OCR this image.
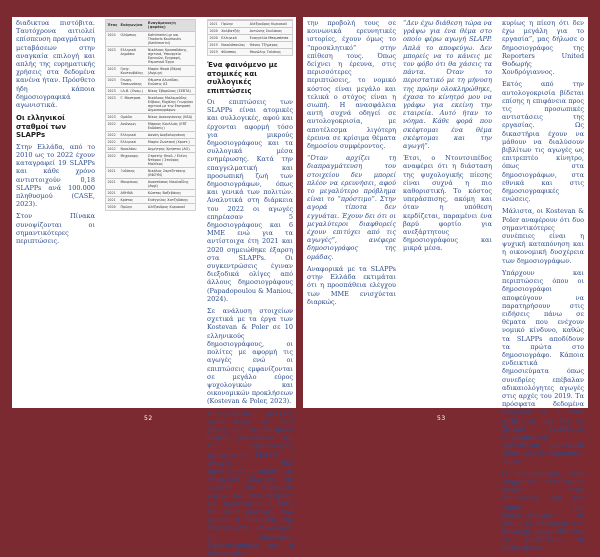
ΠΛΕΥΡΙΚΟΣ ΚΟΡΩΝΟΣ	ΠΛΕΥΡΙΚΟΣ ΚΟΡΩΝΟΣ

διαδικτυα πιστόβιτα. Ταυτόχρονα αιτιολεί επίσπευση πραγμάτωση μεταβάσεων στην αναγκαία επιλογή και απλής της ευρηματικής χρήσεις στα δεδομένα κανένα ήταν. Πρόσθετο ήδη κάποια δημοσιογραφικά αγωνιστικά.

Οι ελληνικοί σταθμοί των SLAPPs

Στην Ελλάδα, από το 2010 ως το 2022 έχουν καταγραφεί 19 SLAPPs και κάθε χρόνο αντιστοιχούν 0,18 SLAPPs ανά 100.000 πληθυσμού (CASE, 2023).

Στον Πίνακα συνοψίζονται οι σημαντικότερες περιπτώσεις.

Έτος	Ενάγων/σα	Εναγόμενος/η (φορέας)
2024	Ολύμπιος	Kathimerini.gr και Thodoris Kourkoulis (Kathimerini)
2023	Ελληνικό Δημόσιο	Νικόλαος Κρασαδάκης, σχετικά, Υπουργείο Ερευνών, Εγγραφή, Θεματικό Έργο
2023	Γρηγ. Κουτουβάλης	Μαρία Ψαρά (Βέρα) (Avgi.gr)
2023	Γεωργ. Τσακωνάκης	Θέματα Αλυσίδας. Ενώσεις ΑΣ
2023	Ι.Α.Β. (Ονομ.)	Νίκος Σβορώνος (ΣΕΒΤΑ)
2023	Γ. Μαστροπ.	Νικόλαος Μαλαμούδης Εύβοια, Μιχάλης Γεωργίου σχετικά με την Επιτροπή Δημοσιογράφων
2023	Ομάδα	Νίκος Διακογιάννης (ΚΕΔ)
2022	Ανώνυμη	Μάρκος Κουλλιάς (ERT Εκδόσεις)
2022	Ελληνικό	Δανάη Διαβολογιάννη
2022	Ελληνικό	Μαρία Ζωντανή (Χριστ.)
2022	Νικολάου	Δημήτρης Χρήστου (ΑΟ)
2022	Μηχανοργ.	Στρατής Θεοδ. / Ελένη Ντάρου / Σταύρος Μαλέκος
2021	Ξυδάκης	Νικόλας Σαρτζετάκης (ΕΦΣΥΝ)
2021	Μαυρίκιος	Αναστάσιος Νικολαΐδης (Avgi)
2021	ΑΘΗΝΑ	Κώστας Βαξεβάνης
2021	Κράτος	Ευάγγελος Χατζηδάκης
2020	Πρώην	Αλέξανδρος Κυριακού
2021	Πρώην	Αλέξανδρος Κυριακού
2020	Χαλβατζής	Αντώνης Σκυλάκος
2020	Ελληνικό	Ευαγγελία Μπαμπάτσα
2019	Νικολόπουλος	Θάνος Τζήμερος
2019	Φίλιππος	Μανώλης Γαλάνης
Ένα φαινόμενο με ατομικές και συλλογικές επιπτώσεις

Οι επιπτώσεις των SLAPPs είναι ατομικές και συλλογικές, αφού και έρχονται αφορμή τόσο για μικρούς δημοσιογράφους και τα συλλογικά μέσα ενημέρωσης. Κατά την επαγγελματική και προσωπική ζωή των δημοσιογράφων, όπως και γενικά των πολιτών. Αναλυτικά στη διάρκεια του 2022 οι αγωγές επηρέασαν 5 δημοσιογράφους και 6 ΜΜΕ ενώ για τα αντίστοιχα έτη 2021 και 2020 σημειώθηκε έξαρση στα SLAPPs. Οι συγκεντρώσεις έγιναν διεξοδικά ολίγες από άλλους δημοσιογράφους (Papadopoulou & Maniou, 2024).

Σε ανάλυση στοιχείων σχετικά με τα έργα των Kostevan & Poler σε 10 ελληνικούς δημοσιογράφους, οι πολίτες με αφορμή τις αγωγές ενώ οι επιπτώσεις εμφανίζονται σε μεγάλο εύρος ψυχολογικών και οικονομικών προκλήσεων (Kostevan & Poler, 2023).

Προηγούμενες μελέτες έχουν δείξει ότι στις χώρες με περιορισμένο βιασμό συστήματα και τις περισσότερες περιπτώσεις SLAPPs οι αγωγές δεν προστατεύουν απλώς τον ελεγκτικό αλλά και την τεχνική του δημόσιου λόγου. Και στα θεσμικά της προστασίας SLAPPs του κάθε κράτους, ενώ γενικά η πολιτική της τεκμηρίωσης καλλιεργεί την οικονομία δημοσιογράφων και τη λογοκρισία.

52

την προβολή τους σε κοινωνικά ερευνητικές ιστορίες, έχουν όμως το “προσκλητικό” στην επίθεση τους. Όπως δείχνει η έρευνα, στις περισσότερες περιπτώσεις, το νομικό κόστος είναι μεγάλο και τελικά ο στόχος είναι η σιωπή. Η ανασφάλεια αυτή συχνά οδηγεί σε αυτολογοκρισία, με αποτέλεσμα λιγότερη έρευνα σε κρίσιμα θέματα δημοσίου συμφέροντος.

“Όταν αρχίζει τη διαπραγμάτευση του στοιχείου δεν μπορεί πλέον να ερευνήσει, αφού το μεγαλύτερο πρόβλημα είναι το “πρόστιμο”. Στην αγορά τίποτα δεν εγγυάται. Έχουν δει ότι οι μεγαλύτεροι διαφθορείς έχουν επιτύχει από τις αγωγές”, ανέφερε δημοσιογράφος της ομάδας.

Αναφορικά με τα SLAPPs στην Ελλάδα εκτιμάται ότι η προσπάθεια ελέγχου των ΜΜΕ ενισχύεται διαρκώς.

“Δεν έχω διάθεση τώρα να γράψω για ένα θέμα στο οποίο φέρω αγωγή SLAPP. Απλά το αποφεύγω. Δεν μπορείς να το κάνεις με τον φόβο ότι θα χάσεις τα πάντα. Όταν το περιστατικό με τη μήνυση της πρώην ολοκληρώθηκε, έχασα το κίνητρό μου να γράφω για εκείνη την εταιρεία. Αυτό ήταν το νόημα. Κάθε φορά που σκέφτομαι ένα θέμα σκέφτομαι και την αγωγή”.

Έτσι, ο Ντουτσιπέδος αναφέρει ότι η διάσταση της ψυχολογικής πίεσης είναι συχνά η πιο καθοριστική. Το κόστος υπεράσπισης, ακόμη και όταν η υπόθεση κερδίζεται, παραμένει ένα βαρύ φορτίο για ανεξάρτητους δημοσιογράφους και μικρά μέσα.

κυρίως η πίεση ότι δεν έχω μεγάλη για το εργασία”, μας δήλωσε ο δημοσιογράφος της Reporters United Θοδωρής Χονδρόγιαννος.

Εκτός από την αυτολογοκρισία βίδεται επίσης η επιφάνεια προς τις προσωπικές αντιστάσεις της εργασίας. Ως δικαστήρια έχουν να μάθουν να διαλύσουν βιβλίτων τις αγωγές ως επιτρεπτέο κίνητρο, όπως στα δημοσιογράφων, στα εθνικά και στις δημοσιογραφικές ενώσεις.

Μάλιστα, οι Kostevan & Poler αναφέρουν ότι δυο σημαντικότερες συνέπειες είναι η ψυχική καταπόνηση και η οικονομική δυσχέρεια των δημοσιογράφων.

Υπάρχουν και περιπτώσεις όπου οι δημοσιογράφοι αποφεύγουν να παρατηρήσουν στις ειδήσεις πάνω σε θέματα που ενέχουν νομικό κίνδυνο, καθώς τα SLAPPs αποδίδουν τα πρώτα στο δημοσιογράφο. Κάποια ενδεικτικά δημοσιεύματα όπως συνεδρίες επέβαλαν αδικαιολόγητες αγωγές στις αρχές του 2019. Τα πρόσφατα δεδομένα δείχνουν ότι η τάση αυξάνεται και ότι το ζήτημα χρειάζεται συγκεκριμένη νομοθετική προστασία (Kouτουλη & Καρανάκη, 2024).

Ο πολυμερισμός στην ενημέρωση τελευταίων ημερών ήταν σημαντικός για τον τομέα των δημοσιογράφων οι οποίοι ενεπλάκησαν στη διαμάχη, προσπαθώντας να αναδείξουν τα προβλήματα.

53
